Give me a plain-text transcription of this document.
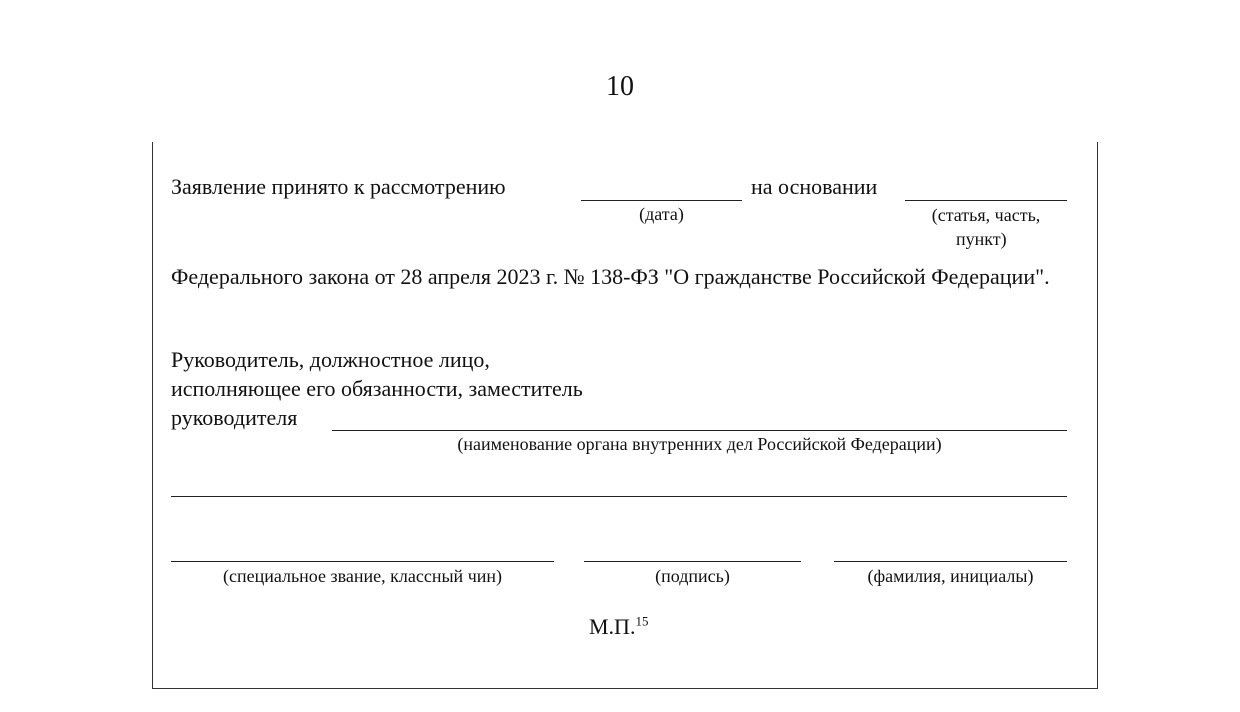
10
Заявление принято к рассмотрению
(дата)
на основании
(статья, часть,
пункт)
Федерального закона от 28 апреля 2023 г. № 138-ФЗ "О гражданстве Российской Федерации".
Руководитель, должностное лицо,
исполняющее его обязанности, заместитель
руководителя
(наименование органа внутренних дел Российской Федерации)
(специальное звание, классный чин)	(подпись)	(фамилия, инициалы)
М.П.$^{15}$
